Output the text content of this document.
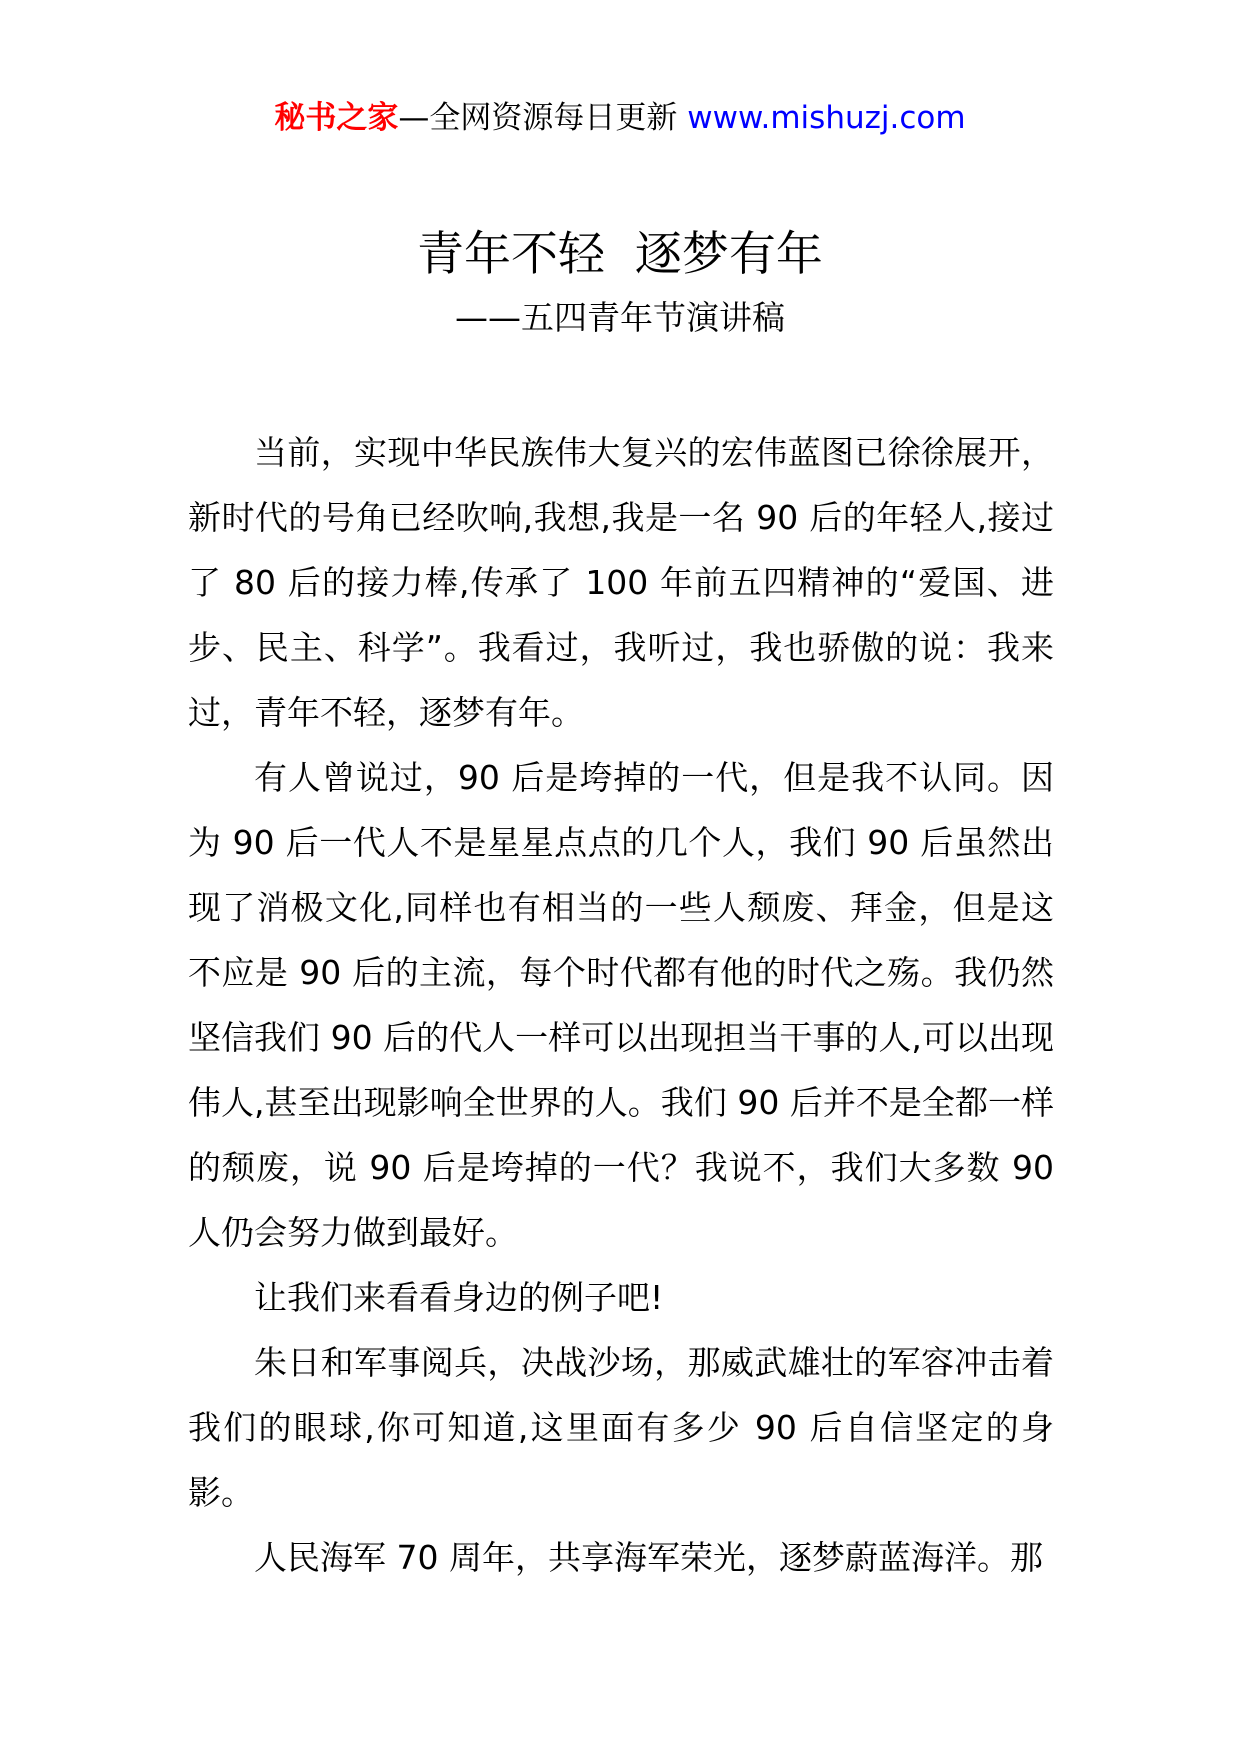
秘书之家—全网资源每日更新 www.mishuzj.com
青年不轻  逐梦有年
——五四青年节演讲稿

当前，实现中华民族伟大复兴的宏伟蓝图已徐徐展开，新时代的号角已经吹响,我想,我是一名 90 后的年轻人,接过了 80 后的接力棒,传承了 100 年前五四精神的“爱国、进步、民主、科学”。我看过，我听过，我也骄傲的说：我来过，青年不轻，逐梦有年。

有人曾说过，90 后是垮掉的一代，但是我不认同。因为 90 后一代人不是星星点点的几个人，我们 90 后虽然出现了消极文化,同样也有相当的一些人颓废、拜金，但是这不应是 90 后的主流，每个时代都有他的时代之殇。我仍然坚信我们 90 后的代人一样可以出现担当干事的人,可以出现伟人,甚至出现影响全世界的人。我们 90 后并不是全都一样的颓废，说 90 后是垮掉的一代？我说不，我们大多数 90 人仍会努力做到最好。

让我们来看看身边的例子吧!

朱日和军事阅兵，决战沙场，那威武雄壮的军容冲击着我们的眼球,你可知道,这里面有多少 90 后自信坚定的身影。

人民海军 70 周年，共享海军荣光，逐梦蔚蓝海洋。那
